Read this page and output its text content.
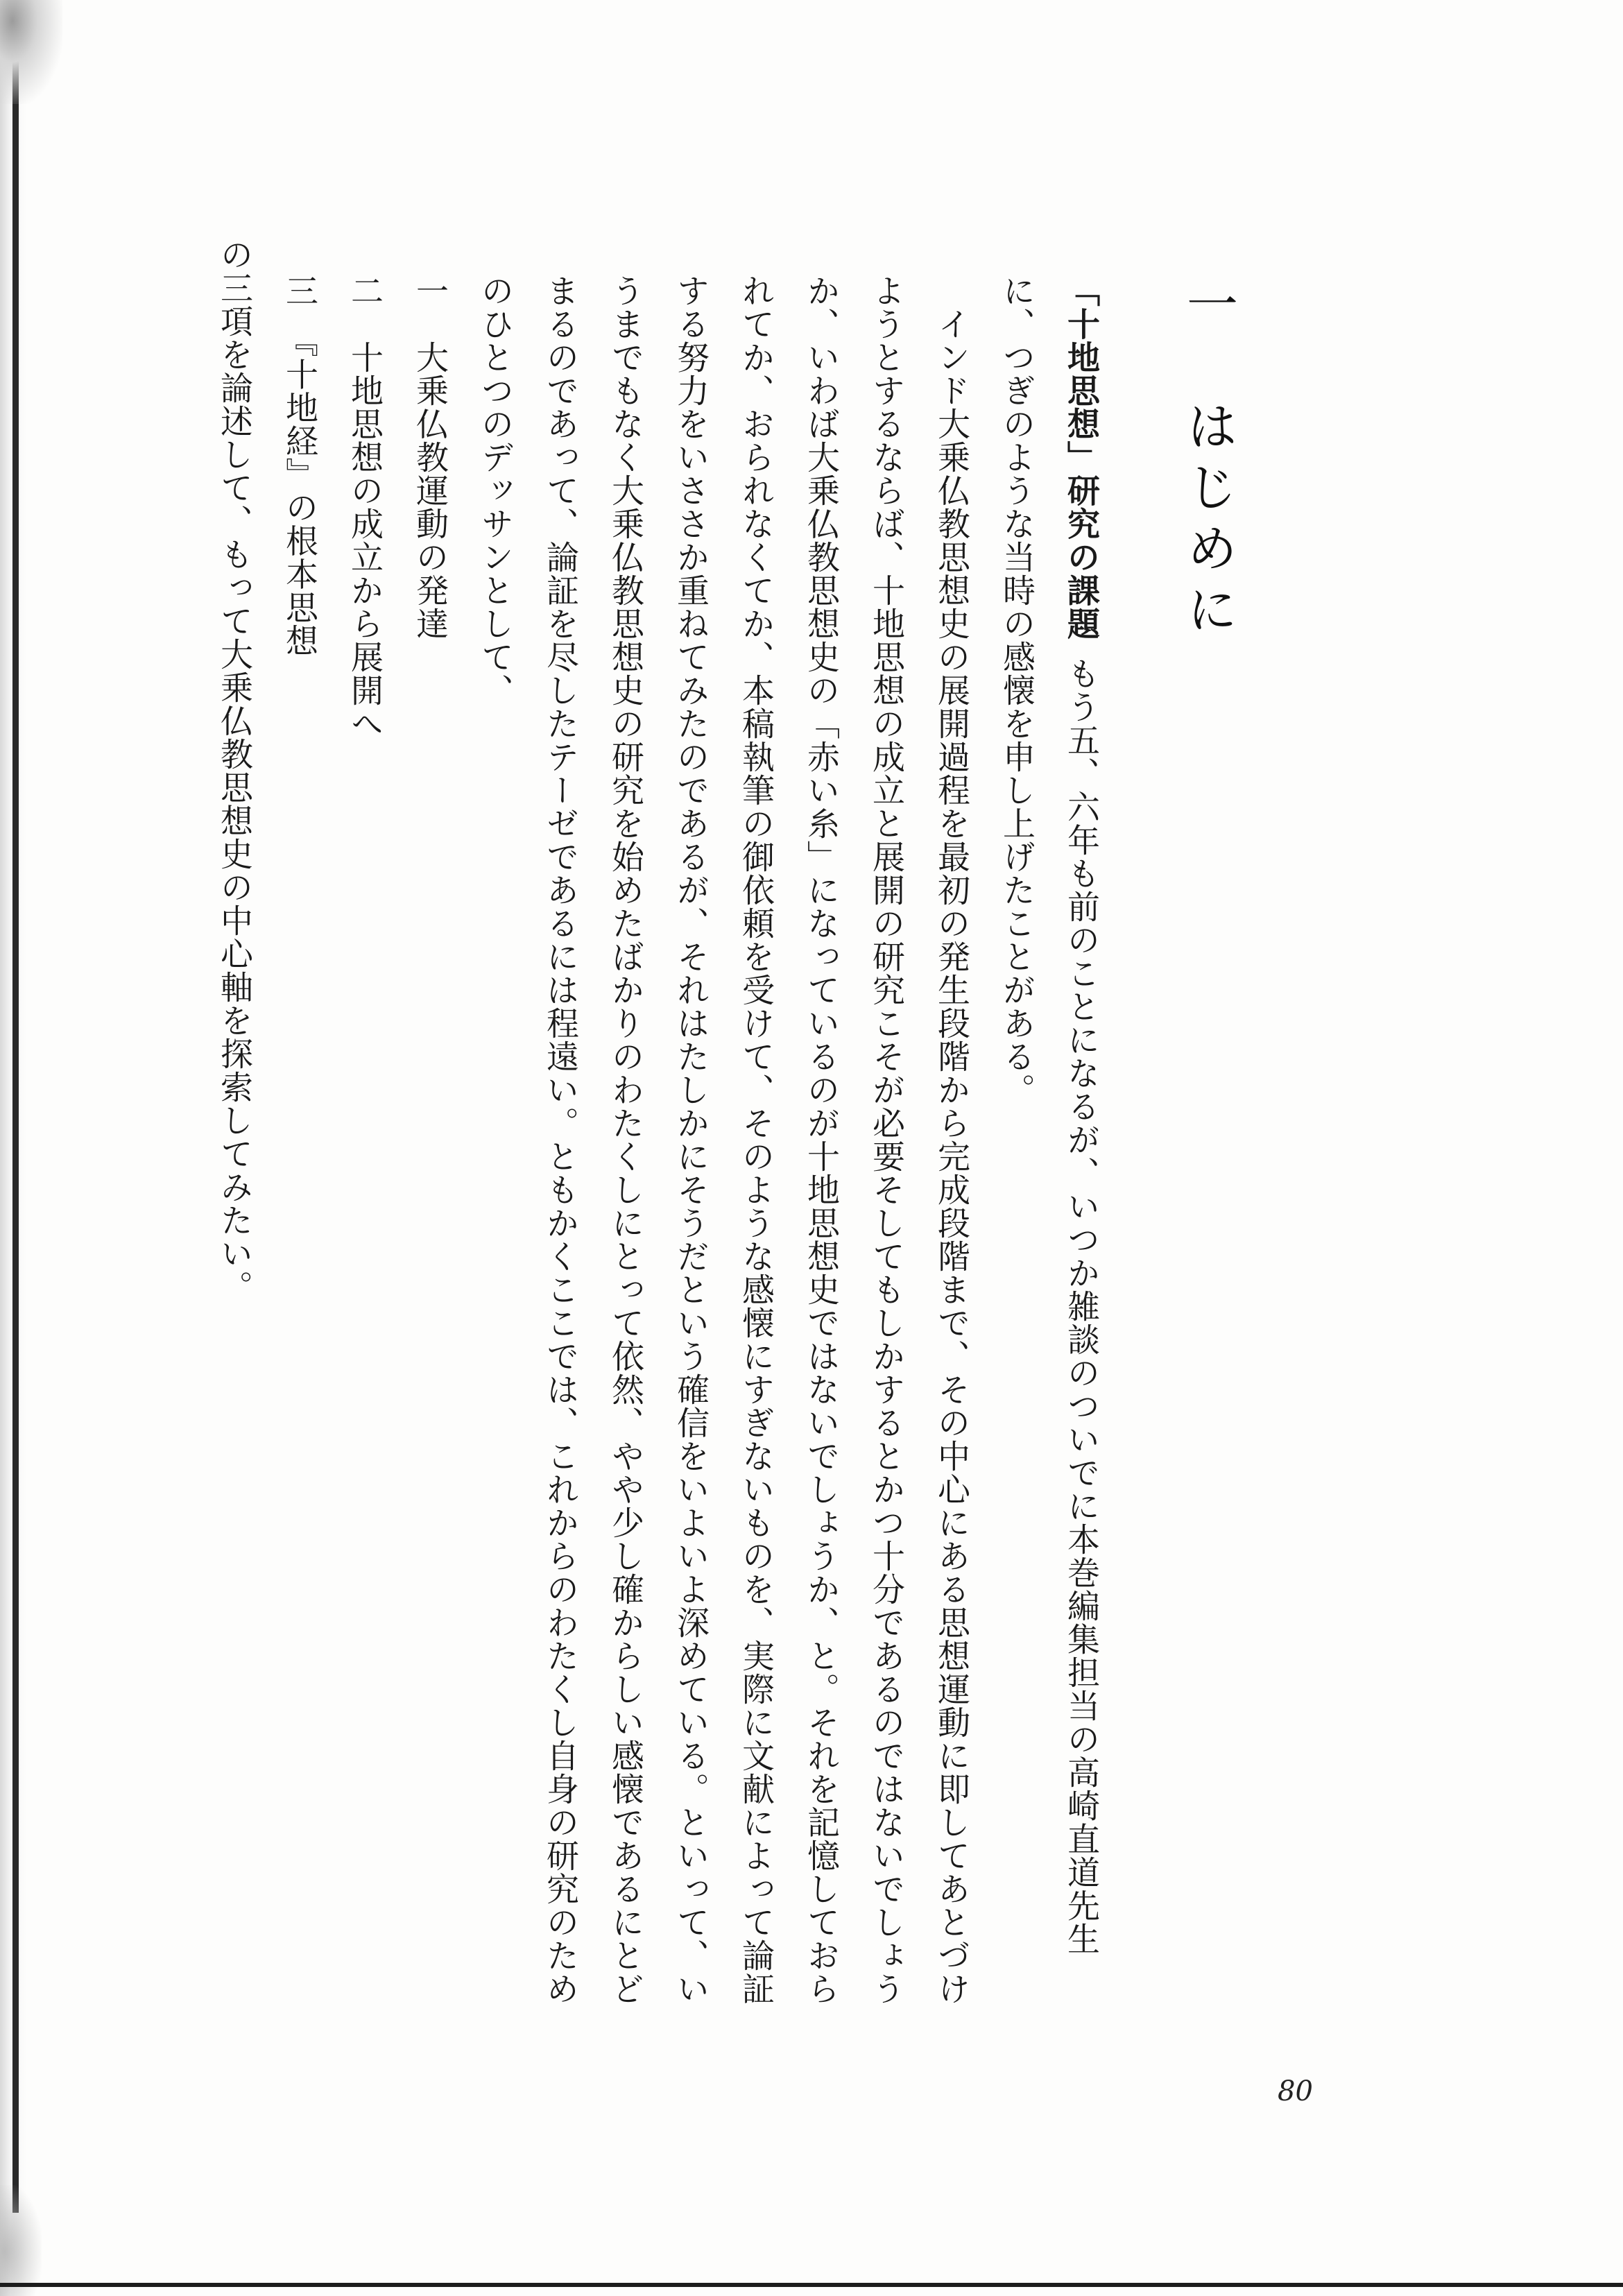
一　はじめに
「十地思想」研究の課題もう五、六年も前のことになるが、いつか雑談のついでに本巻編集担当の高崎直道先生
に、つぎのような当時の感懐を申し上げたことがある。
インド大乗仏教思想史の展開過程を最初の発生段階から完成段階まで、その中心にある思想運動に即してあとづけ
ようとするならば、十地思想の成立と展開の研究こそが必要そしてもしかするとかつ十分であるのではないでしょう
か、いわば大乗仏教思想史の「赤い糸」になっているのが十地思想史ではないでしょうか、と。それを記憶しておら
れてか、おられなくてか、本稿執筆の御依頼を受けて、そのような感懐にすぎないものを、実際に文献によって論証
する努力をいささか重ねてみたのであるが、それはたしかにそうだという確信をいよいよ深めている。といって、い
うまでもなく大乗仏教思想史の研究を始めたばかりのわたくしにとって依然、やや少し確からしい感懐であるにとど
まるのであって、論証を尽したテーゼであるには程遠い。ともかくここでは、これからのわたくし自身の研究のため
のひとつのデッサンとして、
一　大乗仏教運動の発達
二　十地思想の成立から展開へ
三　『十地経』の根本思想
の三項を論述して、もって大乗仏教思想史の中心軸を探索してみたい。
80
